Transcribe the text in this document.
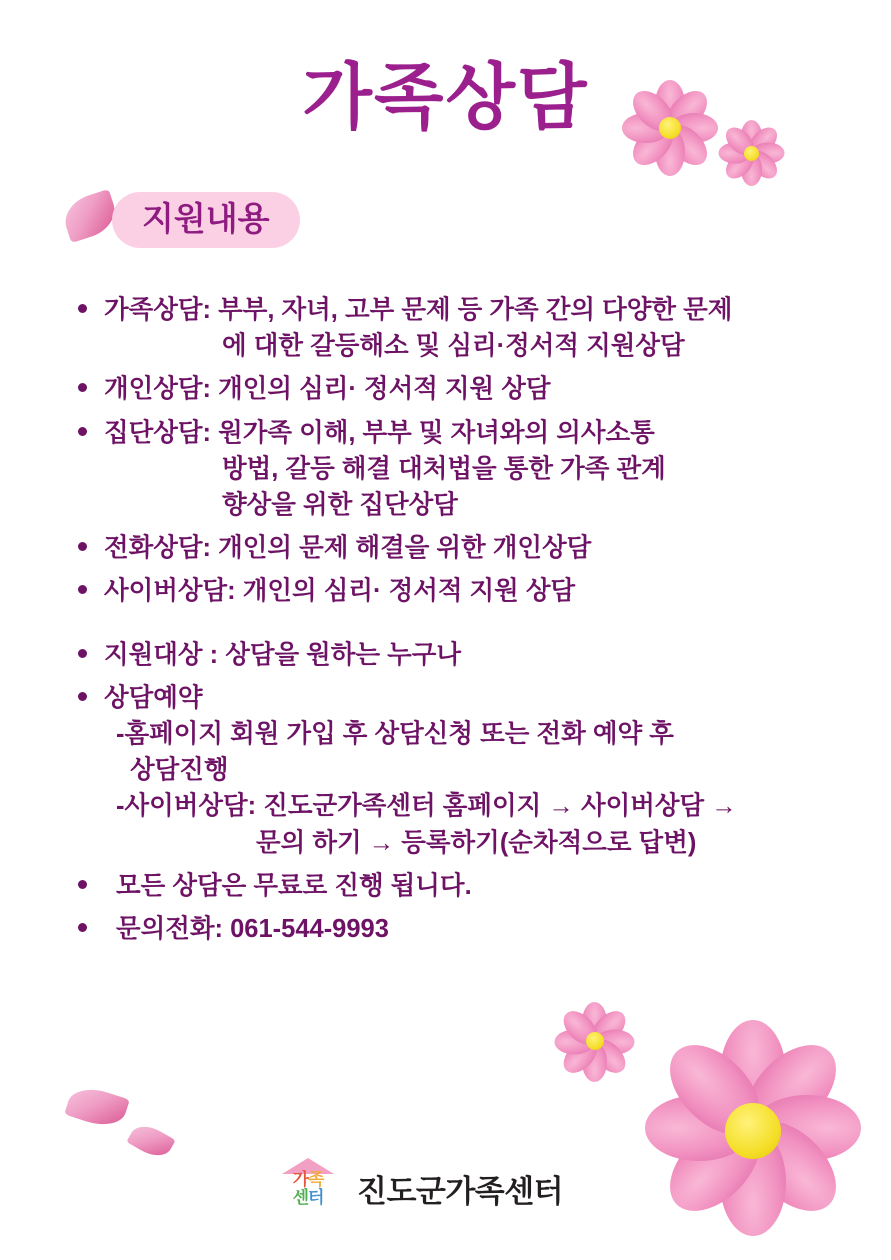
가족상담
지원내용
가족상담: 부부, 자녀, 고부 문제 등 가족 간의 다양한 문제
에 대한 갈등해소 및 심리·정서적 지원상담
개인상담: 개인의 심리· 정서적 지원 상담
집단상담: 원가족 이해, 부부 및 자녀와의 의사소통
방법, 갈등 해결 대처법을 통한 가족 관계
향상을 위한 집단상담
전화상담: 개인의 문제 해결을 위한 개인상담
사이버상담: 개인의 심리· 정서적 지원 상담
지원대상 : 상담을 원하는 누구나
상담예약
-홈페이지 회원 가입 후 상담신청 또는 전화 예약 후
상담진행
-사이버상담: 진도군가족센터 홈페이지 → 사이버상담 →
문의 하기 → 등록하기(순차적으로 답변)
모든 상담은 무료로 진행 됩니다.
문의전화: 061-544-9993
가족
센터	진도군가족센터
